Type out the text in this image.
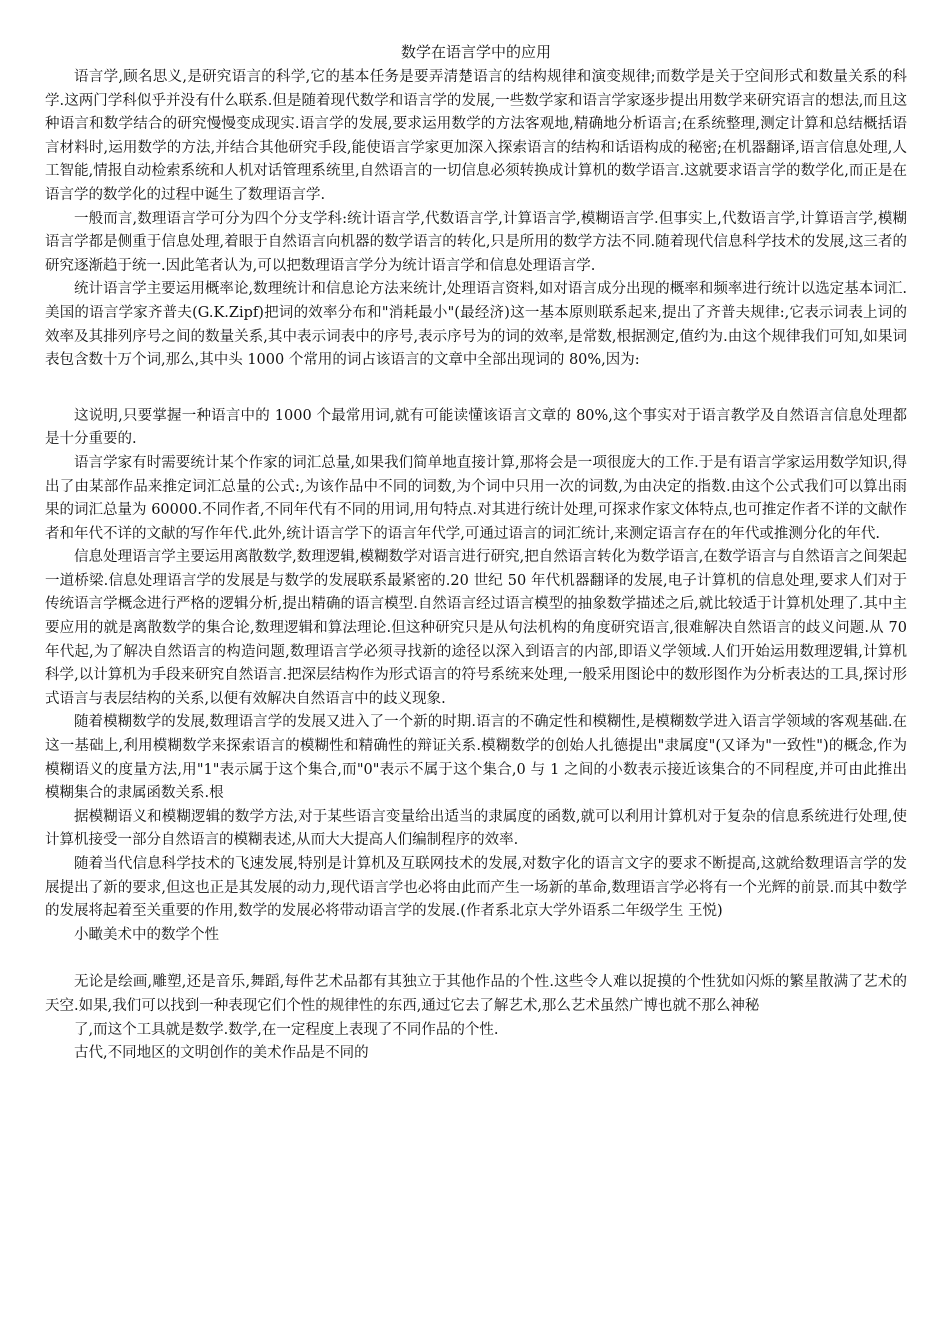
数学在语言学中的应用

语言学,顾名思义,是研究语言的科学,它的基本任务是要弄清楚语言的结构规律和演变规律;而数学是关于空间形式和数量关系的科学.这两门学科似乎并没有什么联系.但是随着现代数学和语言学的发展,一些数学家和语言学家逐步提出用数学来研究语言的想法,而且这种语言和数学结合的研究慢慢变成现实.语言学的发展,要求运用数学的方法客观地,精确地分析语言;在系统整理,测定计算和总结概括语言材料时,运用数学的方法,并结合其他研究手段,能使语言学家更加深入探索语言的结构和话语构成的秘密;在机器翻译,语言信息处理,人工智能,情报自动检索系统和人机对话管理系统里,自然语言的一切信息必须转换成计算机的数学语言.这就要求语言学的数学化,而正是在语言学的数学化的过程中诞生了数理语言学.

一般而言,数理语言学可分为四个分支学科:统计语言学,代数语言学,计算语言学,模糊语言学.但事实上,代数语言学,计算语言学,模糊语言学都是侧重于信息处理,着眼于自然语言向机器的数学语言的转化,只是所用的数学方法不同.随着现代信息科学技术的发展,这三者的研究逐渐趋于统一.因此笔者认为,可以把数理语言学分为统计语言学和信息处理语言学.

统计语言学主要运用概率论,数理统计和信息论方法来统计,处理语言资料,如对语言成分出现的概率和频率进行统计以选定基本词汇.美国的语言学家齐普夫(G.K.Zipf)把词的效率分布和"消耗最小"(最经济)这一基本原则联系起来,提出了齐普夫规律:,它表示词表上词的效率及其排列序号之间的数量关系,其中表示词表中的序号,表示序号为的词的效率,是常数,根据测定,值约为.由这个规律我们可知,如果词表包含数十万个词,那么,其中头 1000 个常用的词占该语言的文章中全部出现词的 80%,因为:

这说明,只要掌握一种语言中的 1000 个最常用词,就有可能读懂该语言文章的 80%,这个事实对于语言教学及自然语言信息处理都是十分重要的.

语言学家有时需要统计某个作家的词汇总量,如果我们简单地直接计算,那将会是一项很庞大的工作.于是有语言学家运用数学知识,得出了由某部作品来推定词汇总量的公式:,为该作品中不同的词数,为个词中只用一次的词数,为由决定的指数.由这个公式我们可以算出雨果的词汇总量为 60000.不同作者,不同年代有不同的用词,用句特点.对其进行统计处理,可探求作家文体特点,也可推定作者不详的文献作者和年代不详的文献的写作年代.此外,统计语言学下的语言年代学,可通过语言的词汇统计,来测定语言存在的年代或推测分化的年代.

信息处理语言学主要运用离散数学,数理逻辑,模糊数学对语言进行研究,把自然语言转化为数学语言,在数学语言与自然语言之间架起一道桥梁.信息处理语言学的发展是与数学的发展联系最紧密的.20 世纪 50 年代机器翻译的发展,电子计算机的信息处理,要求人们对于传统语言学概念进行严格的逻辑分析,提出精确的语言模型.自然语言经过语言模型的抽象数学描述之后,就比较适于计算机处理了.其中主要应用的就是离散数学的集合论,数理逻辑和算法理论.但这种研究只是从句法机构的角度研究语言,很难解决自然语言的歧义问题.从 70 年代起,为了解决自然语言的构造问题,数理语言学必须寻找新的途径以深入到语言的内部,即语义学领域.人们开始运用数理逻辑,计算机科学,以计算机为手段来研究自然语言.把深层结构作为形式语言的符号系统来处理,一般采用图论中的数形图作为分析表达的工具,探讨形式语言与表层结构的关系,以便有效解决自然语言中的歧义现象.

随着模糊数学的发展,数理语言学的发展又进入了一个新的时期.语言的不确定性和模糊性,是模糊数学进入语言学领域的客观基础.在这一基础上,利用模糊数学来探索语言的模糊性和精确性的辩证关系.模糊数学的创始人扎德提出"隶属度"(又译为"一致性")的概念,作为模糊语义的度量方法,用"1"表示属于这个集合,而"0"表示不属于这个集合,0 与 1 之间的小数表示接近该集合的不同程度,并可由此推出模糊集合的隶属函数关系.根

据模糊语义和模糊逻辑的数学方法,对于某些语言变量给出适当的隶属度的函数,就可以利用计算机对于复杂的信息系统进行处理,使计算机接受一部分自然语言的模糊表述,从而大大提高人们编制程序的效率.

随着当代信息科学技术的飞速发展,特别是计算机及互联网技术的发展,对数字化的语言文字的要求不断提高,这就给数理语言学的发展提出了新的要求,但这也正是其发展的动力,现代语言学也必将由此而产生一场新的革命,数理语言学必将有一个光辉的前景.而其中数学的发展将起着至关重要的作用,数学的发展必将带动语言学的发展.(作者系北京大学外语系二年级学生 王悦)

小瞰美术中的数学个性

无论是绘画,雕塑,还是音乐,舞蹈,每件艺术品都有其独立于其他作品的个性.这些令人难以捉摸的个性犹如闪烁的繁星散满了艺术的天空.如果,我们可以找到一种表现它们个性的规律性的东西,通过它去了解艺术,那么艺术虽然广博也就不那么神秘

了,而这个工具就是数学.数学,在一定程度上表现了不同作品的个性.

古代,不同地区的文明创作的美术作品是不同的
